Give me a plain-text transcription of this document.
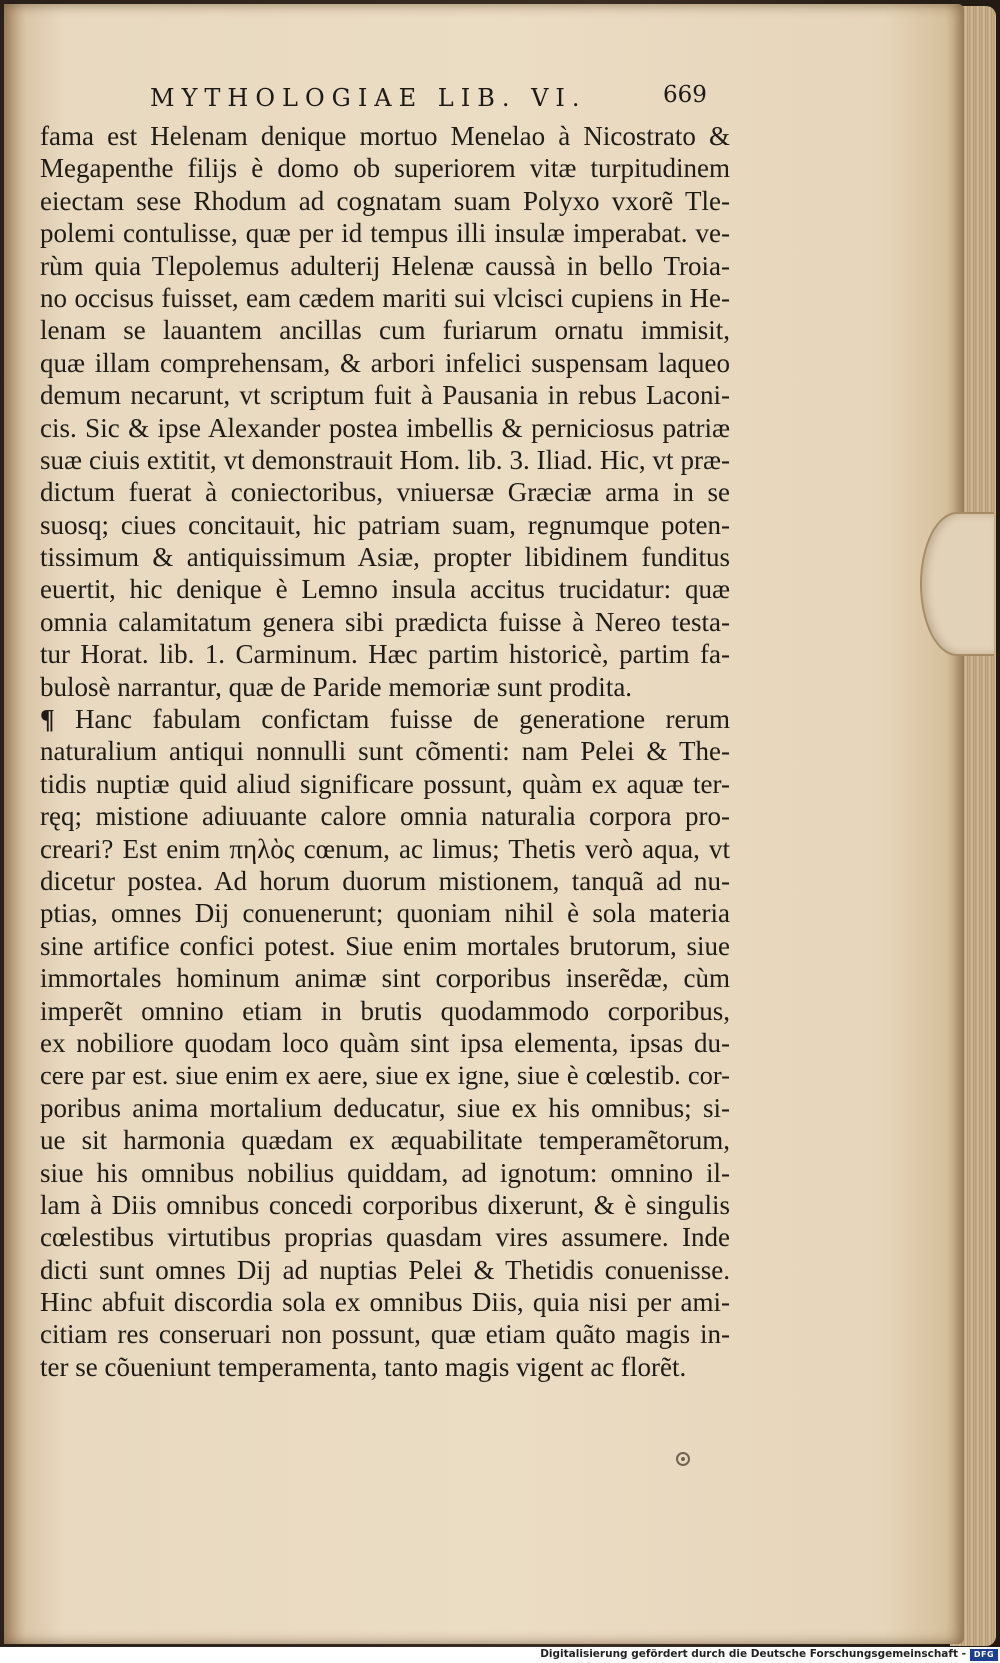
MYTHOLOGIAE LIB. VI.	669
fama est Helenam denique mortuo Menelao à Nicostrato &
Megapenthe filijs è domo ob superiorem vitæ turpitudinem
eiectam sese Rhodum ad cognatam suam Polyxo vxorẽ Tle-
polemi contulisse, quæ per id tempus illi insulæ imperabat. ve-
rùm quia Tlepolemus adulterij Helenæ caussà in bello Troia-
no occisus fuisset, eam cædem mariti sui vlcisci cupiens in He-
lenam se lauantem ancillas cum furiarum ornatu immisit,
quæ illam comprehensam, & arbori infelici suspensam laqueo
demum necarunt, vt scriptum fuit à Pausania in rebus Laconi-
cis. Sic & ipse Alexander postea imbellis & perniciosus patriæ
suæ ciuis extitit, vt demonstrauit Hom. lib. 3. Iliad. Hic, vt præ-
dictum fuerat à coniectoribus, vniuersæ Græciæ arma in se
suosq; ciues concitauit, hic patriam suam, regnumque poten-
tissimum & antiquissimum Asiæ, propter libidinem funditus
euertit, hic denique è Lemno insula accitus trucidatur: quæ
omnia calamitatum genera sibi prædicta fuisse à Nereo testa-
tur Horat. lib. 1. Carminum. Hæc partim historicè, partim fa-
bulosè narrantur, quæ de Paride memoriæ sunt prodita.
¶ Hanc fabulam confictam fuisse de generatione rerum
naturalium antiqui nonnulli sunt cõmenti: nam Pelei & The-
tidis nuptiæ quid aliud significare possunt, quàm ex aquæ ter-
ręq; mistione adiuuante calore omnia naturalia corpora pro-
creari? Est enim πηλὸς cœnum, ac limus; Thetis verò aqua, vt
dicetur postea. Ad horum duorum mistionem, tanquã ad nu-
ptias, omnes Dij conuenerunt; quoniam nihil è sola materia
sine artifice confici potest. Siue enim mortales brutorum, siue
immortales hominum animæ sint corporibus inserẽdæ, cùm
imperẽt omnino etiam in brutis quodammodo corporibus,
ex nobiliore quodam loco quàm sint ipsa elementa, ipsas du-
cere par est. siue enim ex aere, siue ex igne, siue è cœlestib. cor-
poribus anima mortalium deducatur, siue ex his omnibus; si-
ue sit harmonia quædam ex æquabilitate temperamẽtorum,
siue his omnibus nobilius quiddam, ad ignotum: omnino il-
lam à Diis omnibus concedi corporibus dixerunt, & è singulis
cœlestibus virtutibus proprias quasdam vires assumere. Inde
dicti sunt omnes Dij ad nuptias Pelei & Thetidis conuenisse.
Hinc abfuit discordia sola ex omnibus Diis, quia nisi per ami-
citiam res conseruari non possunt, quæ etiam quãto magis in-
ter se cõueniunt temperamenta, tanto magis vigent ac florẽt.
Digitalisierung gefördert durch die Deutsche Forschungsgemeinschaft - DFG
